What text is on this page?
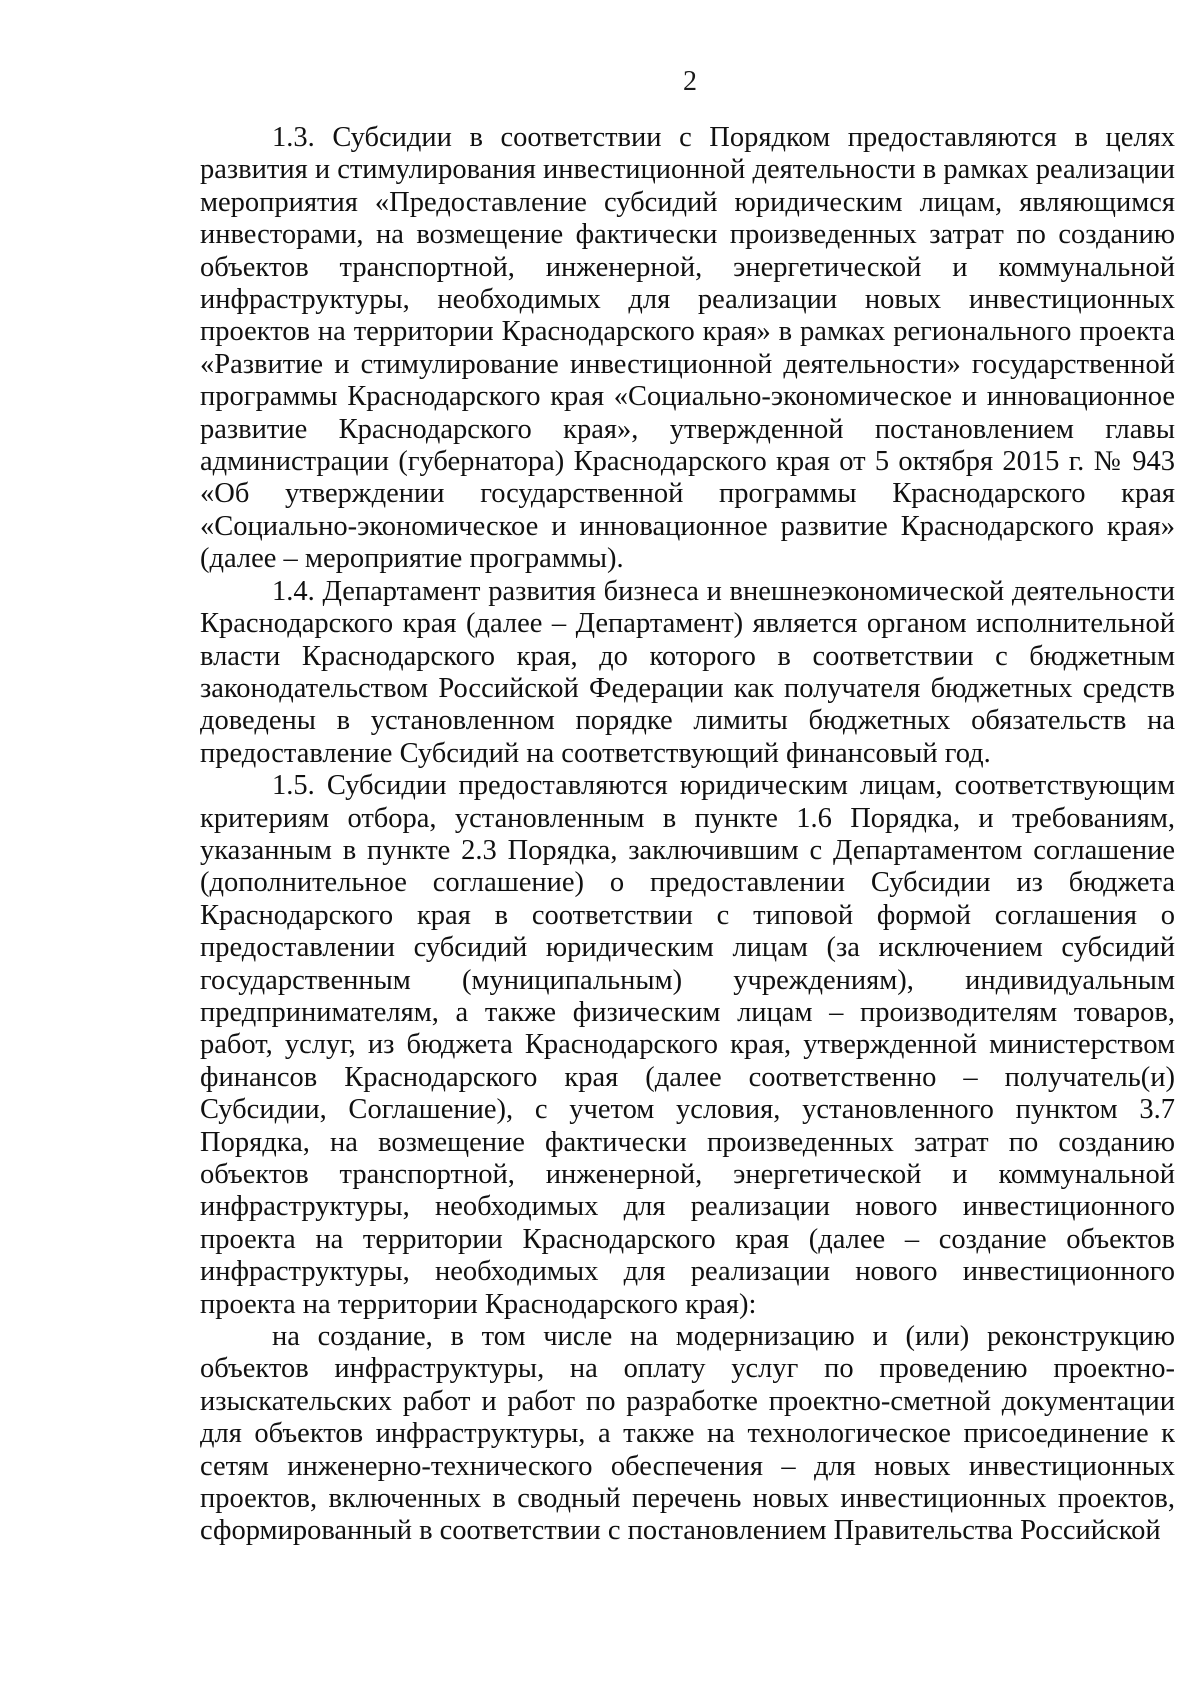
2

1.3. Субсидии в соответствии с Порядком предоставляются в целях развития и стимулирования инвестиционной деятельности в рамках реализации мероприятия «Предоставление субсидий юридическим лицам, являющимся инвесторами, на возмещение фактически произведенных затрат по созданию объектов транспортной, инженерной, энергетической и коммунальной инфраструктуры, необходимых для реализации новых инвестиционных проектов на территории Краснодарского края» в рамках регионального проекта «Развитие и стимулирование инвестиционной деятельности» государственной программы Краснодарского края «Социально-экономическое и инновационное развитие Краснодарского края», утвержденной постановлением главы администрации (губернатора) Краснодарского края от 5 октября 2015 г. № 943 «Об утверждении государственной программы Краснодарского края «Социально-экономическое и инновационное развитие Краснодарского края» (далее – мероприятие программы).

1.4. Департамент развития бизнеса и внешнеэкономической деятельности Краснодарского края (далее – Департамент) является органом исполнительной власти Краснодарского края, до которого в соответствии с бюджетным законодательством Российской Федерации как получателя бюджетных средств доведены в установленном порядке лимиты бюджетных обязательств на предоставление Субсидий на соответствующий финансовый год.

1.5. Субсидии предоставляются юридическим лицам, соответствующим критериям отбора, установленным в пункте 1.6 Порядка, и требованиям, указанным в пункте 2.3 Порядка, заключившим с Департаментом соглашение (дополнительное соглашение) о предоставлении Субсидии из бюджета Краснодарского края в соответствии с типовой формой соглашения о предоставлении субсидий юридическим лицам (за исключением субсидий государственным (муниципальным) учреждениям), индивидуальным предпринимателям, а также физическим лицам – производителям товаров, работ, услуг, из бюджета Краснодарского края, утвержденной министерством финансов Краснодарского края (далее соответственно – получатель(и) Субсидии, Соглашение), с учетом условия, установленного пунктом 3.7 Порядка, на возмещение фактически произведенных затрат по созданию объектов транспортной, инженерной, энергетической и коммунальной инфраструктуры, необходимых для реализации нового инвестиционного проекта на территории Краснодарского края (далее – создание объектов инфраструктуры, необходимых для реализации нового инвестиционного проекта на территории Краснодарского края):

на создание, в том числе на модернизацию и (или) реконструкцию объектов инфраструктуры, на оплату услуг по проведению проектно-изыскательских работ и работ по разработке проектно-сметной документации для объектов инфраструктуры, а также на технологическое присоединение к сетям инженерно-технического обеспечения – для новых инвестиционных проектов, включенных в сводный перечень новых инвестиционных проектов, сформированный в соответствии с постановлением Правительства Российской
